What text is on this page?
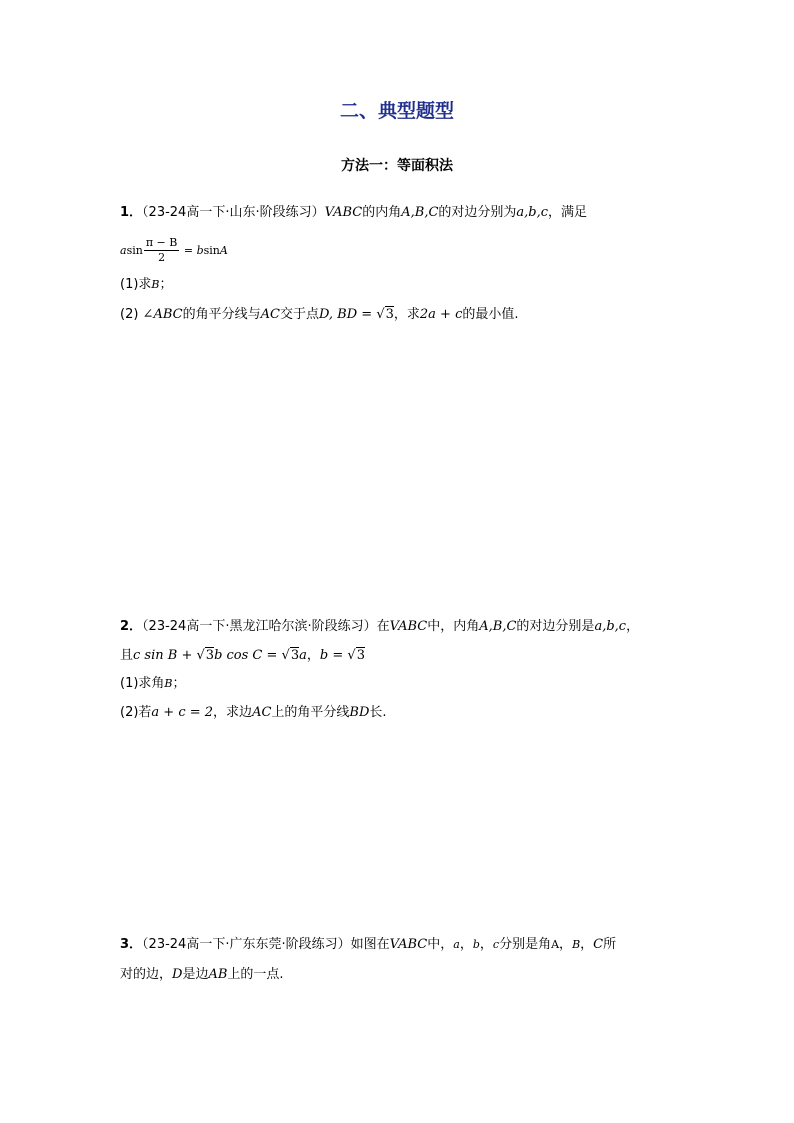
二、典型题型
方法一：等面积法
1．（23-24高一下·山东·阶段练习）VABC的内角A,B,C的对边分别为a,b,c，满足
asin $\frac{\pi - B}{2} = bsinA$
(1)求B；
(2) ∠ABC的角平分线与AC交于点D, BD = √3，求2a + c的最小值.
2．（23-24高一下·黑龙江哈尔滨·阶段练习）在VABC中，内角A,B,C的对边分别是a,b,c，
且c sin B + √3b cos C = √3a，b = √3
(1)求角B；
(2)若a + c = 2，求边AC上的角平分线BD长.
3．（23-24高一下·广东东莞·阶段练习）如图在VABC中，a，b，c分别是角A，B，C所
对的边，D是边AB上的一点.
